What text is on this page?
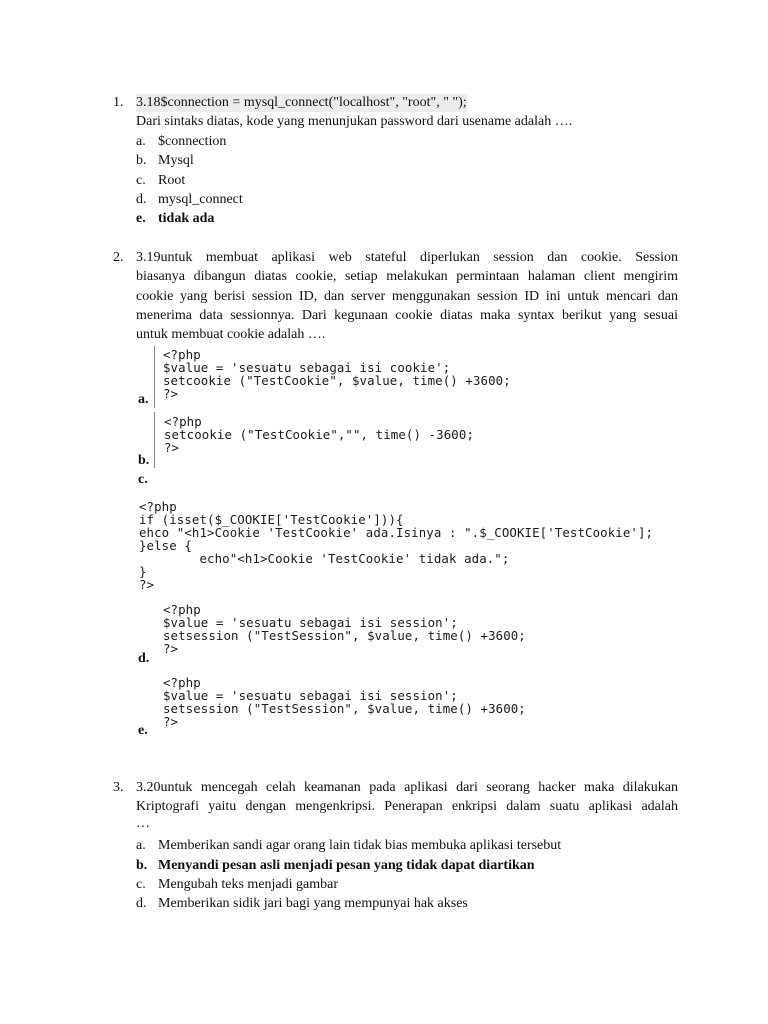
1. 3.18$connection = mysql_connect("localhost", "root", " ");
Dari sintaks diatas, kode yang menunjukan password dari usename adalah ….
a. $connection
b. Mysql
c. Root
d. mysql_connect
e. tidak ada
2. 3.19untuk membuat aplikasi web stateful diperlukan session dan cookie. Session
biasanya dibangun diatas cookie, setiap melakukan permintaan halaman client mengirim
cookie yang berisi session ID, dan server menggunakan session ID ini untuk mencari dan
menerima data sessionnya. Dari kegunaan cookie diatas maka syntax berikut yang sesuai
untuk membuat cookie adalah ….
<?php
$value = 'sesuatu sebagai isi cookie';
setcookie ("TestCookie", $value, time() +3600;
?>
a.
<?php
setcookie ("TestCookie","", time() -3600;
?>
b.
c.
<?php
if (isset($_COOKIE['TestCookie'])){
ehco "<h1>Cookie 'TestCookie' ada.Isinya : ".$_COOKIE['TestCookie'];
}else {
echo"<h1>Cookie 'TestCookie' tidak ada.";
}
?>
<?php
$value = 'sesuatu sebagai isi session';
setsession ("TestSession", $value, time() +3600;
?>
d.
<?php
$value = 'sesuatu sebagai isi session';
setsession ("TestSession", $value, time() +3600;
?>
e.
3. 3.20untuk mencegah celah keamanan pada aplikasi dari seorang hacker maka dilakukan
Kriptografi yaitu dengan mengenkripsi. Penerapan enkripsi dalam suatu aplikasi adalah
…
a. Memberikan sandi agar orang lain tidak bias membuka aplikasi tersebut
b. Menyandi pesan asli menjadi pesan yang tidak dapat diartikan
c. Mengubah teks menjadi gambar
d. Memberikan sidik jari bagi yang mempunyai hak akses
